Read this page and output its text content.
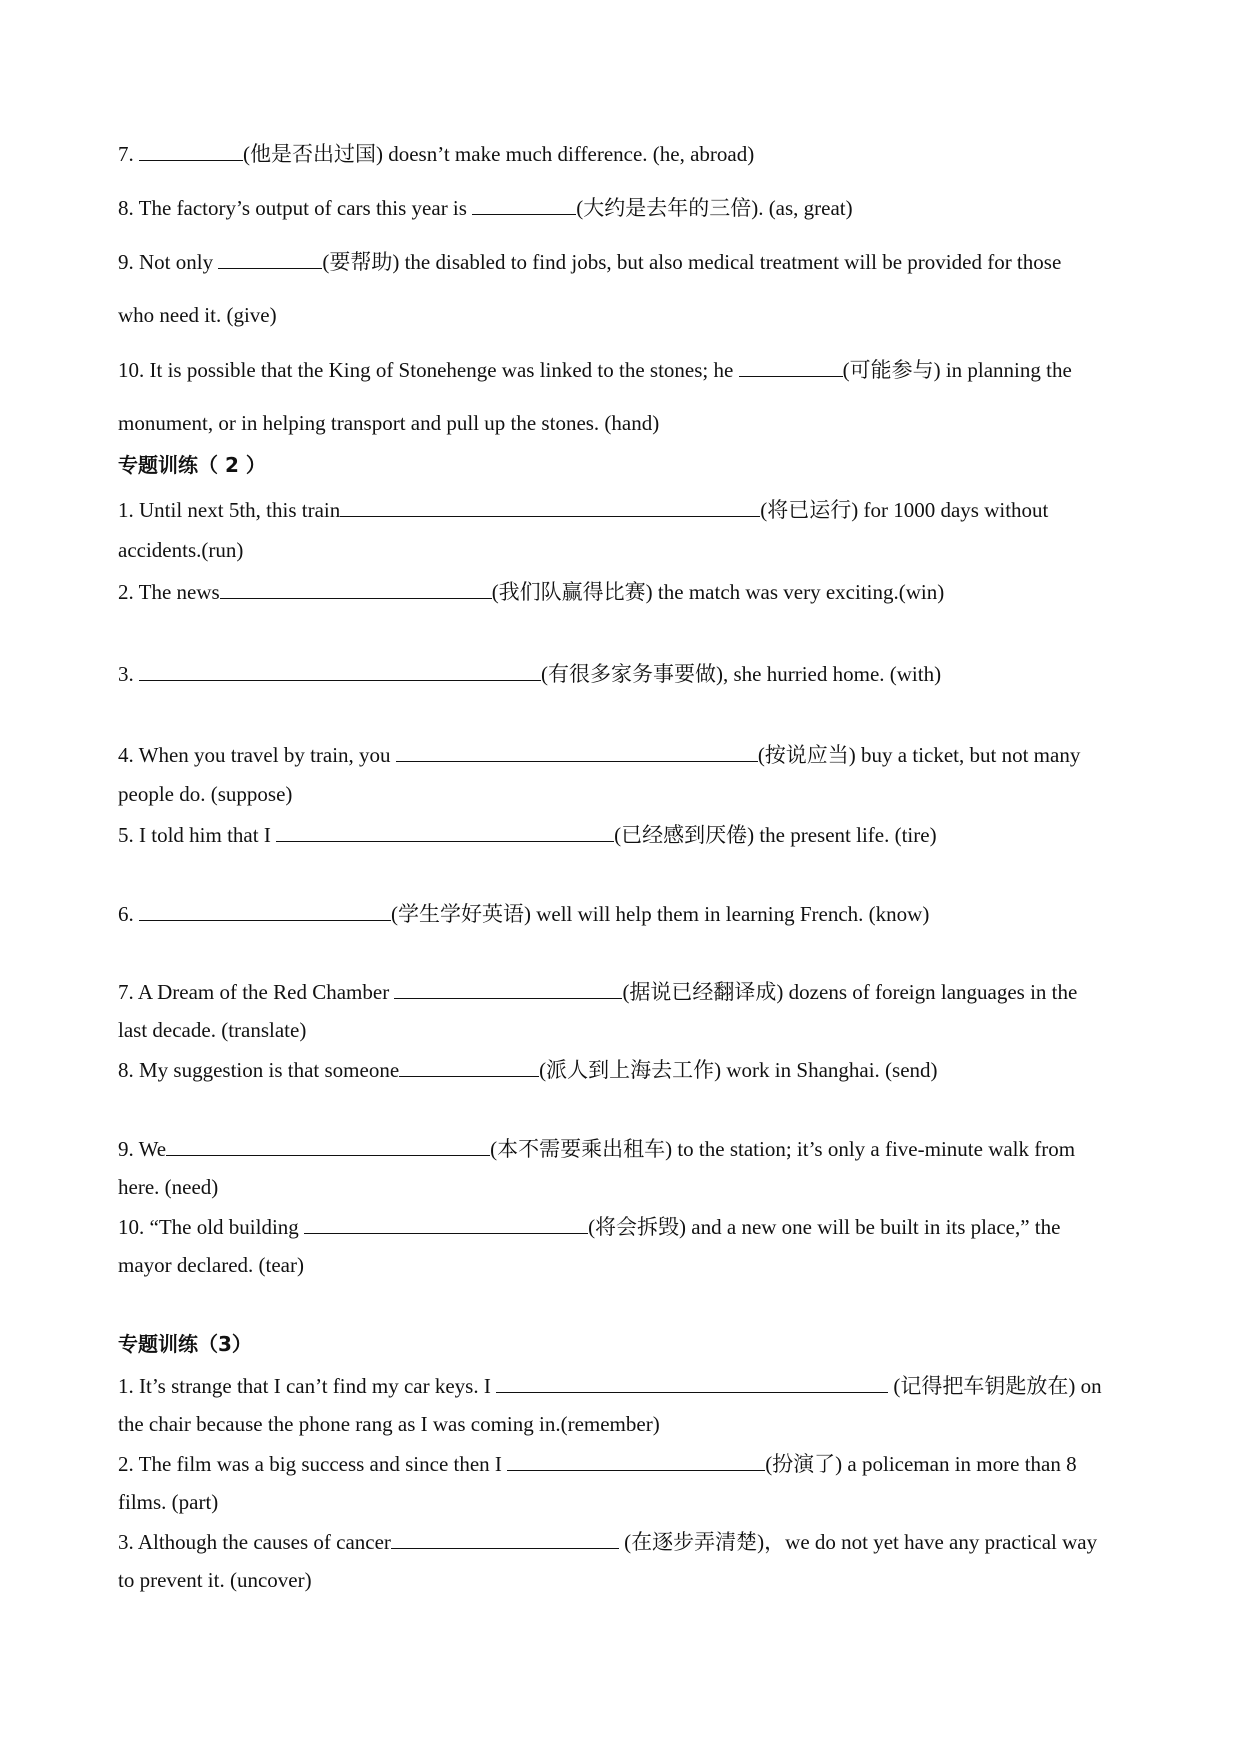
7.	(他是否出过国) doesn’t make much difference. (he, abroad)
8. The factory’s output of cars this year is	(大约是去年的三倍). (as, great)
9. Not only	(要帮助) the disabled to find jobs, but also medical treatment will be provided for those
who need it. (give)
10. It is possible that the King of Stonehenge was linked to the stones; he	(可能参与) in planning the
monument, or in helping transport and pull up the stones. (hand)
专题训练（ 2 ）
1. Until next 5th, this train	(将已运行) for 1000 days without
accidents.(run)
2. The news	(我们队赢得比赛) the match was very exciting.(win)
3.	(有很多家务事要做), she hurried home. (with)
4. When you travel by train, you	(按说应当) buy a ticket, but not many
people do. (suppose)
5. I told him that I	(已经感到厌倦) the present life. (tire)
6.	(学生学好英语) well will help them in learning French. (know)
7. A Dream of the Red Chamber	(据说已经翻译成) dozens of foreign languages in the
last decade. (translate)
8. My suggestion is that someone	(派人到上海去工作) work in Shanghai. (send)
9. We	(本不需要乘出租车) to the station; it’s only a five-minute walk from
here. (need)
10. “The old building	(将会拆毁) and a new one will be built in its place,” the
mayor declared. (tear)
专题训练（3）
1. It’s strange that I can’t find my car keys. I	(记得把车钥匙放在) on
the chair because the phone rang as I was coming in.(remember)
2. The film was a big success and since then I	(扮演了) a policeman in more than 8
films. (part)
3. Although the causes of cancer	(在逐步弄清楚)，we do not yet have any practical way
to prevent it. (uncover)
